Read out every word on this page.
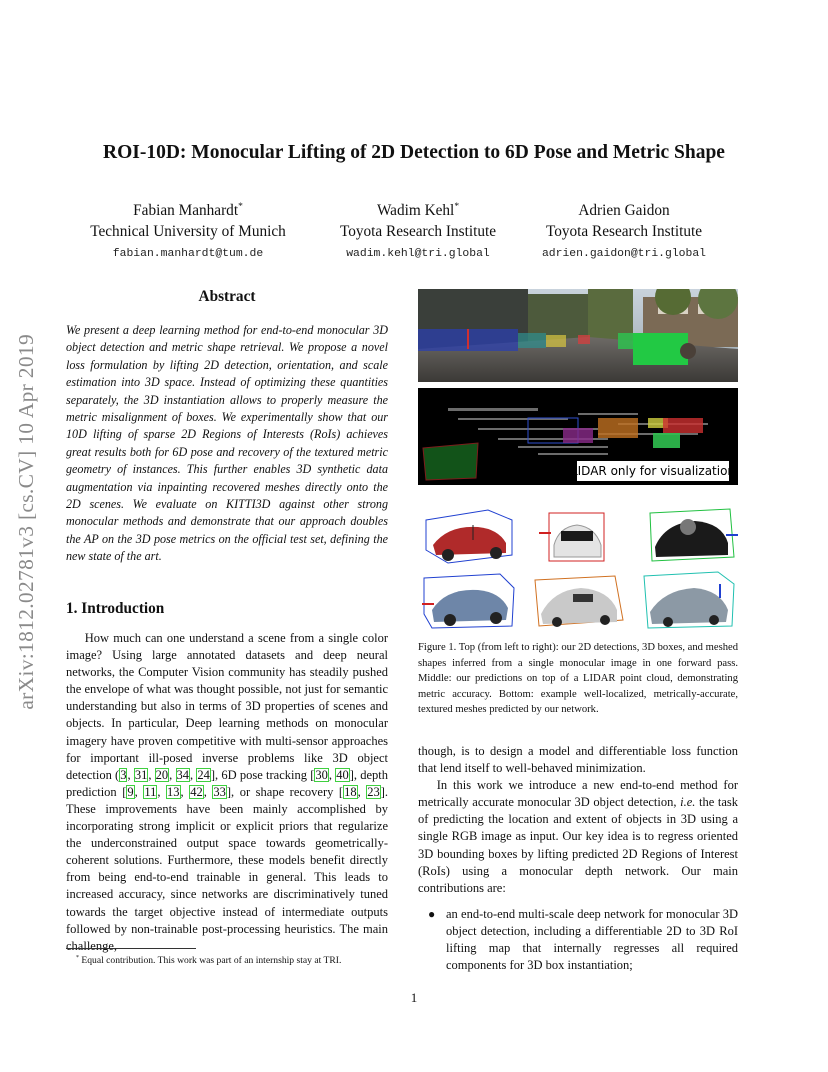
arXiv:1812.02781v3 [cs.CV] 10 Apr 2019
ROI-10D: Monocular Lifting of 2D Detection to 6D Pose and Metric Shape
Fabian Manhardt*
Technical University of Munich
fabian.manhardt@tum.de
Wadim Kehl*
Toyota Research Institute
wadim.kehl@tri.global
Adrien Gaidon
Toyota Research Institute
adrien.gaidon@tri.global
Abstract
We present a deep learning method for end-to-end monocular 3D object detection and metric shape retrieval. We propose a novel loss formulation by lifting 2D detection, orientation, and scale estimation into 3D space. Instead of optimizing these quantities separately, the 3D instantiation allows to properly measure the metric misalignment of boxes. We experimentally show that our 10D lifting of sparse 2D Regions of Interests (RoIs) achieves great results both for 6D pose and recovery of the textured metric geometry of instances. This further enables 3D synthetic data augmentation via inpainting recovered meshes directly onto the 2D scenes. We evaluate on KITTI3D against other strong monocular methods and demonstrate that our approach doubles the AP on the 3D pose metrics on the official test set, defining the new state of the art.
1. Introduction

How much can one understand a scene from a single color image? Using large annotated datasets and deep neural networks, the Computer Vision community has steadily pushed the envelope of what was thought possible, not just for semantic understanding but also in terms of 3D properties of scenes and objects. In particular, Deep learning methods on monocular imagery have proven competitive with multi-sensor approaches for important ill-posed inverse problems like 3D object detection (3, 31, 20, 34, 24], 6D pose tracking [30, 40], depth prediction [9, 11, 13, 42, 33], or shape recovery [18, 23]. These improvements have been mainly accomplished by incorporating strong implicit or explicit priors that regularize the underconstrained output space towards geometrically-coherent solutions. Furthermore, these models benefit directly from being end-to-end trainable in general. This leads to increased accuracy, since networks are discriminatively tuned towards the target objective instead of intermediate outputs followed by non-trainable post-processing heuristics. The main challenge,

* Equal contribution. This work was part of an internship stay at TRI.
LIDAR only for visualization
Figure 1. Top (from left to right): our 2D detections, 3D boxes, and meshed shapes inferred from a single monocular image in one forward pass. Middle: our predictions on top of a LIDAR point cloud, demonstrating metric accuracy. Bottom: example well-localized, metrically-accurate, textured meshes predicted by our network.

though, is to design a model and differentiable loss function that lend itself to well-behaved minimization.

In this work we introduce a new end-to-end method for metrically accurate monocular 3D object detection, i.e. the task of predicting the location and extent of objects in 3D using a single RGB image as input. Our key idea is to regress oriented 3D bounding boxes by lifting predicted 2D Regions of Interest (RoIs) using a monocular depth network. Our main contributions are:

● an end-to-end multi-scale deep network for monocular 3D object detection, including a differentiable 2D to 3D RoI lifting map that internally regresses all required components for 3D box instantiation;
1
